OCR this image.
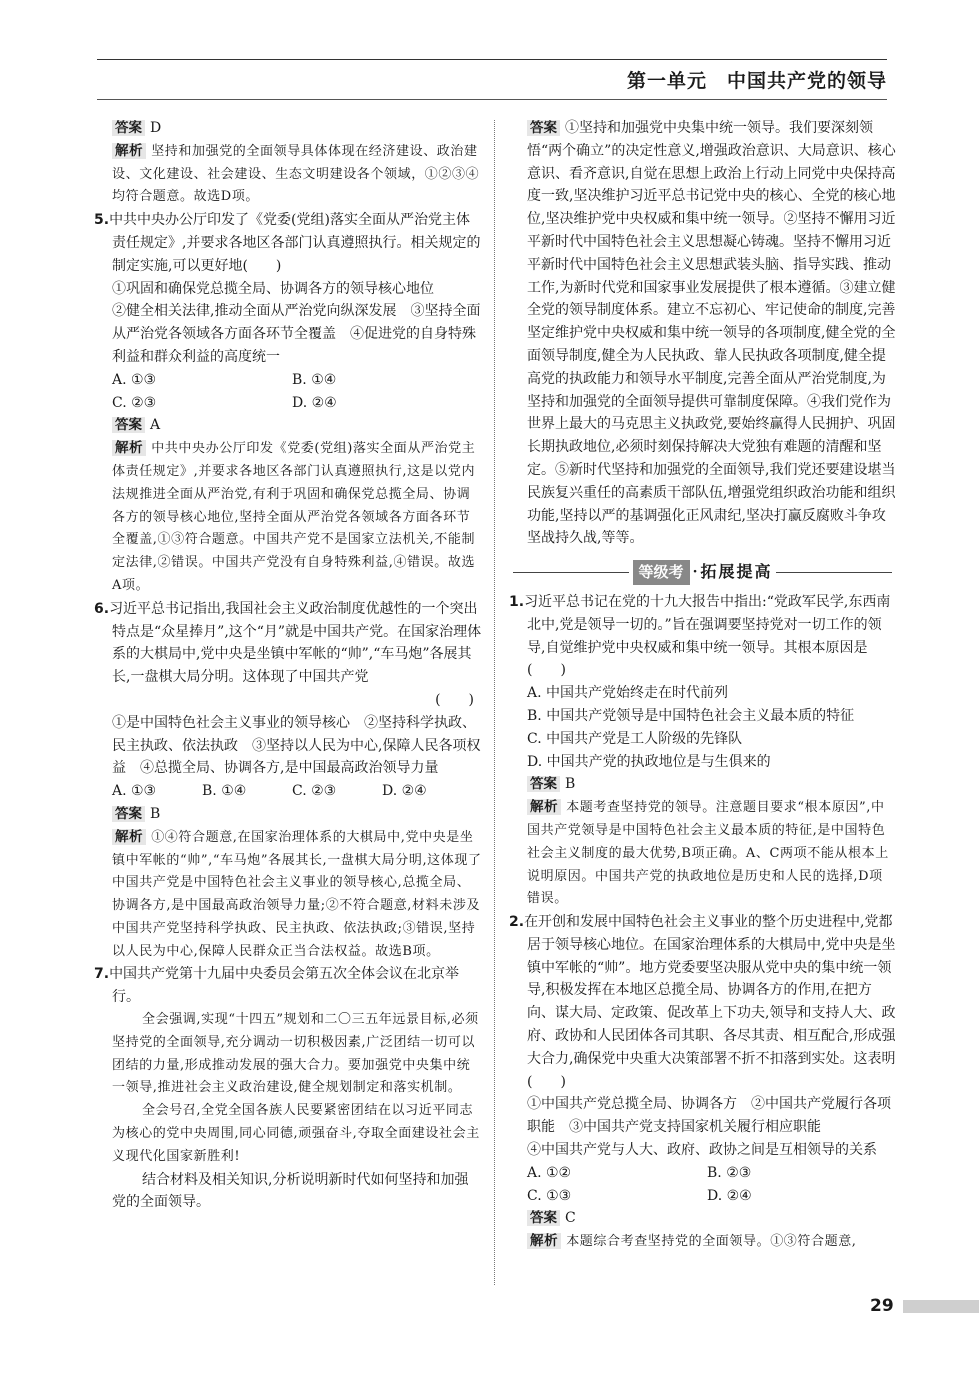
第一单元 中国共产党的领导

答案 D

解析 坚持和加强党的全面领导具体体现在经济建设、政治建设、文化建设、社会建设、生态文明建设各个领域，①②③④均符合题意。故选D项。

5.中共中央办公厅印发了《党委(党组)落实全面从严治党主体责任规定》,并要求各地区各部门认真遵照执行。相关规定的制定实施,可以更好地(　　)

①巩固和确保党总揽全局、协调各方的领导核心地位

②健全相关法律,推动全面从严治党向纵深发展　③坚持全面从严治党各领域各方面各环节全覆盖　④促进党的自身特殊利益和群众利益的高度统一

A. ①③	B. ①④
C. ②③	D. ②④

答案 A

解析 中共中央办公厅印发《党委(党组)落实全面从严治党主体责任规定》,并要求各地区各部门认真遵照执行,这是以党内法规推进全面从严治党,有利于巩固和确保党总揽全局、协调各方的领导核心地位,坚持全面从严治党各领域各方面各环节全覆盖,①③符合题意。中国共产党不是国家立法机关,不能制定法律,②错误。中国共产党没有自身特殊利益,④错误。故选A项。

6.习近平总书记指出,我国社会主义政治制度优越性的一个突出特点是“众星捧月”,这个“月”就是中国共产党。在国家治理体系的大棋局中,党中央是坐镇中军帐的“帅”,“车马炮”各展其长,一盘棋大局分明。这体现了中国共产党

(　　)

①是中国特色社会主义事业的领导核心　②坚持科学执政、民主执政、依法执政　③坚持以人民为中心,保障人民各项权益　④总揽全局、协调各方,是中国最高政治领导力量

A. ①③	B. ①④	C. ②③	D. ②④

答案 B

解析 ①④符合题意,在国家治理体系的大棋局中,党中央是坐镇中军帐的“帅”,“车马炮”各展其长,一盘棋大局分明,这体现了中国共产党是中国特色社会主义事业的领导核心,总揽全局、协调各方,是中国最高政治领导力量;②不符合题意,材料未涉及中国共产党坚持科学执政、民主执政、依法执政;③错误,坚持以人民为中心,保障人民群众正当合法权益。故选B项。

7.中国共产党第十九届中央委员会第五次全体会议在北京举行。

全会强调,实现“十四五”规划和二〇三五年远景目标,必须坚持党的全面领导,充分调动一切积极因素,广泛团结一切可以团结的力量,形成推动发展的强大合力。要加强党中央集中统一领导,推进社会主义政治建设,健全规划制定和落实机制。

全会号召,全党全国各族人民要紧密团结在以习近平同志为核心的党中央周围,同心同德,顽强奋斗,夺取全面建设社会主义现代化国家新胜利!

结合材料及相关知识,分析说明新时代如何坚持和加强党的全面领导。

答案 ①坚持和加强党中央集中统一领导。我们要深刻领悟“两个确立”的决定性意义,增强政治意识、大局意识、核心意识、看齐意识,自觉在思想上政治上行动上同党中央保持高度一致,坚决维护习近平总书记党中央的核心、全党的核心地位,坚决维护党中央权威和集中统一领导。②坚持不懈用习近平新时代中国特色社会主义思想凝心铸魂。坚持不懈用习近平新时代中国特色社会主义思想武装头脑、指导实践、推动工作,为新时代党和国家事业发展提供了根本遵循。③建立健全党的领导制度体系。建立不忘初心、牢记使命的制度,完善坚定维护党中央权威和集中统一领导的各项制度,健全党的全面领导制度,健全为人民执政、靠人民执政各项制度,健全提高党的执政能力和领导水平制度,完善全面从严治党制度,为坚持和加强党的全面领导提供可靠制度保障。④我们党作为世界上最大的马克思主义执政党,要始终赢得人民拥护、巩固长期执政地位,必须时刻保持解决大党独有难题的清醒和坚定。⑤新时代坚持和加强党的全面领导,我们党还要建设堪当民族复兴重任的高素质干部队伍,增强党组织政治功能和组织功能,坚持以严的基调强化正风肃纪,坚决打赢反腐败斗争攻坚战持久战,等等。

等级考 · 拓展提高

1.习近平总书记在党的十九大报告中指出:“党政军民学,东西南北中,党是领导一切的。”旨在强调要坚持党对一切工作的领导,自觉维护党中央权威和集中统一领导。其根本原因是(　　)

A. 中国共产党始终走在时代前列

B. 中国共产党领导是中国特色社会主义最本质的特征

C. 中国共产党是工人阶级的先锋队

D. 中国共产党的执政地位是与生俱来的

答案 B

解析 本题考查坚持党的领导。注意题目要求“根本原因”,中国共产党领导是中国特色社会主义最本质的特征,是中国特色社会主义制度的最大优势,B项正确。A、C两项不能从根本上说明原因。中国共产党的执政地位是历史和人民的选择,D项错误。

2.在开创和发展中国特色社会主义事业的整个历史进程中,党都居于领导核心地位。在国家治理体系的大棋局中,党中央是坐镇中军帐的“帅”。地方党委要坚决服从党中央的集中统一领导,积极发挥在本地区总揽全局、协调各方的作用,在把方向、谋大局、定政策、促改革上下功夫,领导和支持人大、政府、政协和人民团体各司其职、各尽其责、相互配合,形成强大合力,确保党中央重大决策部署不折不扣落到实处。这表明(　　)

①中国共产党总揽全局、协调各方　②中国共产党履行各项职能　③中国共产党支持国家机关履行相应职能

④中国共产党与人大、政府、政协之间是互相领导的关系

A. ①②	B. ②③
C. ①③	D. ②④

答案 C

解析 本题综合考查坚持党的全面领导。①③符合题意,

29
